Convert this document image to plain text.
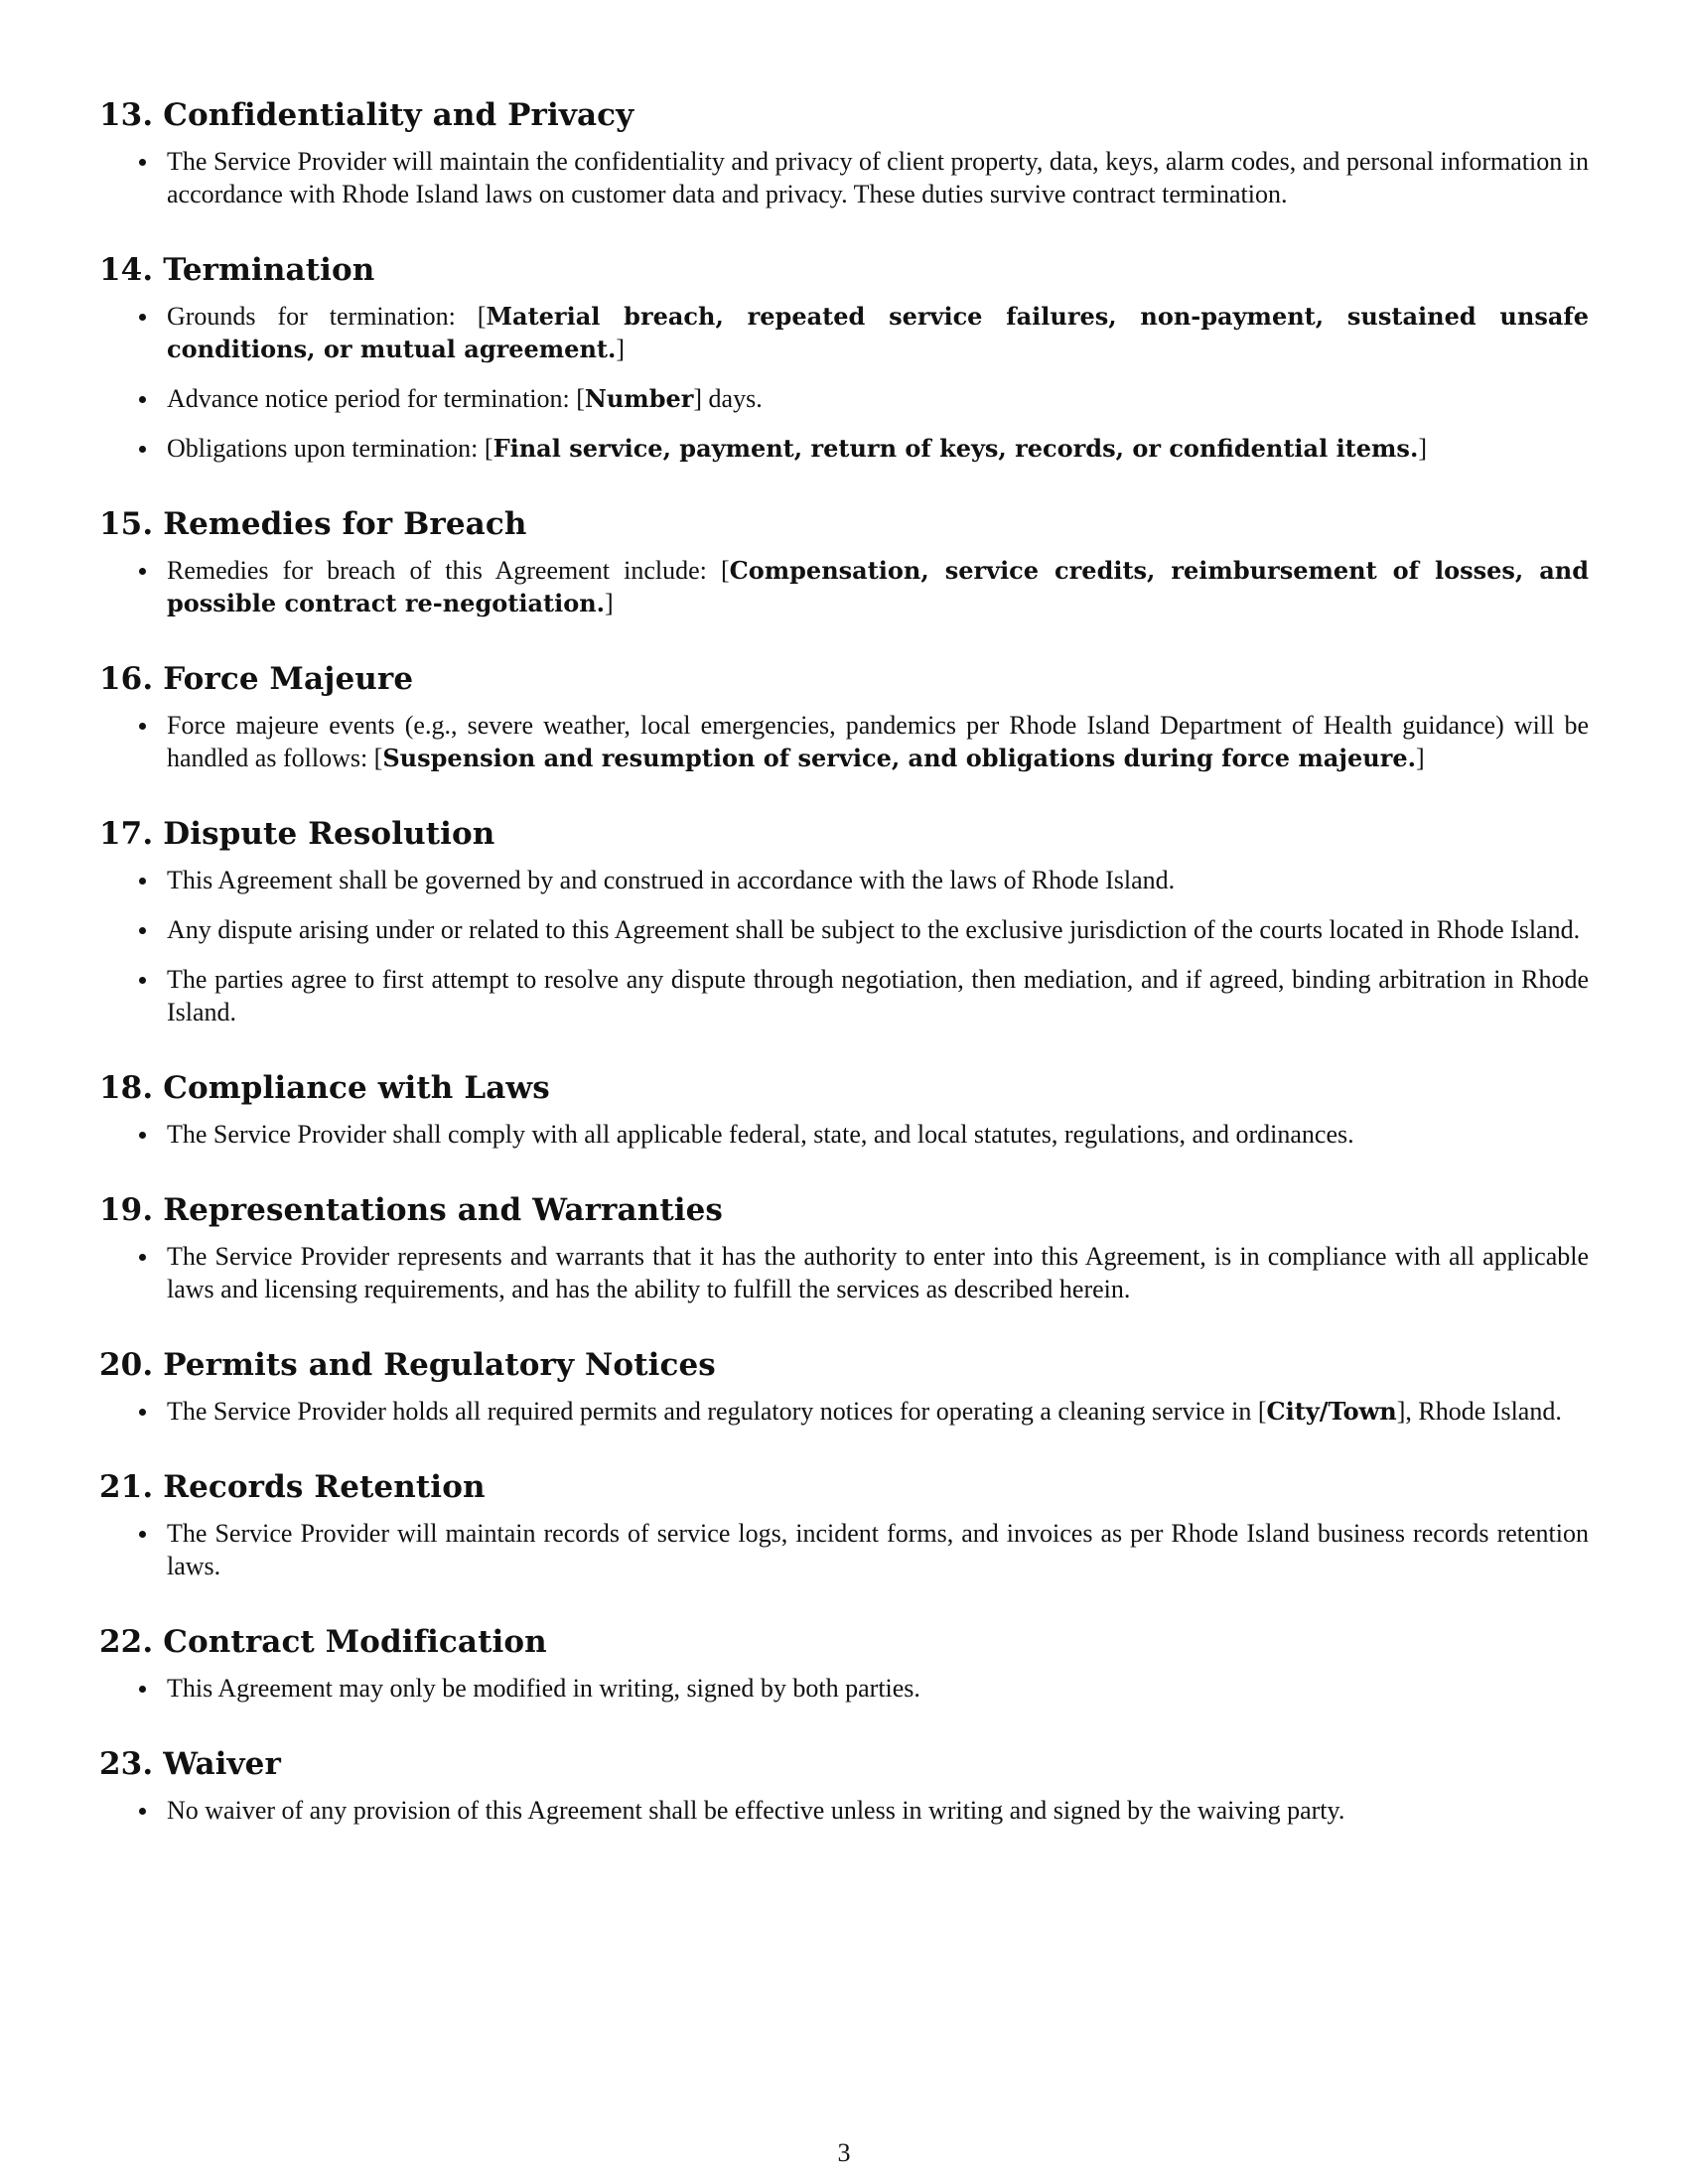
13. Confidentiality and Privacy
The Service Provider will maintain the confidentiality and privacy of client property, data, keys, alarm codes, and personal information in accordance with Rhode Island laws on customer data and privacy. These duties survive contract termination.
14. Termination
Grounds for termination: [Material breach, repeated service failures, non-payment, sustained unsafe conditions, or mutual agreement.]
Advance notice period for termination: [Number] days.
Obligations upon termination: [Final service, payment, return of keys, records, or confidential items.]
15. Remedies for Breach
Remedies for breach of this Agreement include: [Compensation, service credits, reimbursement of losses, and possible contract re-negotiation.]
16. Force Majeure
Force majeure events (e.g., severe weather, local emergencies, pandemics per Rhode Island Department of Health guidance) will be handled as follows: [Suspension and resumption of service, and obligations during force majeure.]
17. Dispute Resolution
This Agreement shall be governed by and construed in accordance with the laws of Rhode Island.
Any dispute arising under or related to this Agreement shall be subject to the exclusive jurisdiction of the courts located in Rhode Island.
The parties agree to first attempt to resolve any dispute through negotiation, then mediation, and if agreed, binding arbitration in Rhode Island.
18. Compliance with Laws
The Service Provider shall comply with all applicable federal, state, and local statutes, regulations, and ordinances.
19. Representations and Warranties
The Service Provider represents and warrants that it has the authority to enter into this Agreement, is in compliance with all applicable laws and licensing requirements, and has the ability to fulfill the services as described herein.
20. Permits and Regulatory Notices
The Service Provider holds all required permits and regulatory notices for operating a cleaning service in [City/Town], Rhode Island.
21. Records Retention
The Service Provider will maintain records of service logs, incident forms, and invoices as per Rhode Island business records retention laws.
22. Contract Modification
This Agreement may only be modified in writing, signed by both parties.
23. Waiver
No waiver of any provision of this Agreement shall be effective unless in writing and signed by the waiving party.
3
